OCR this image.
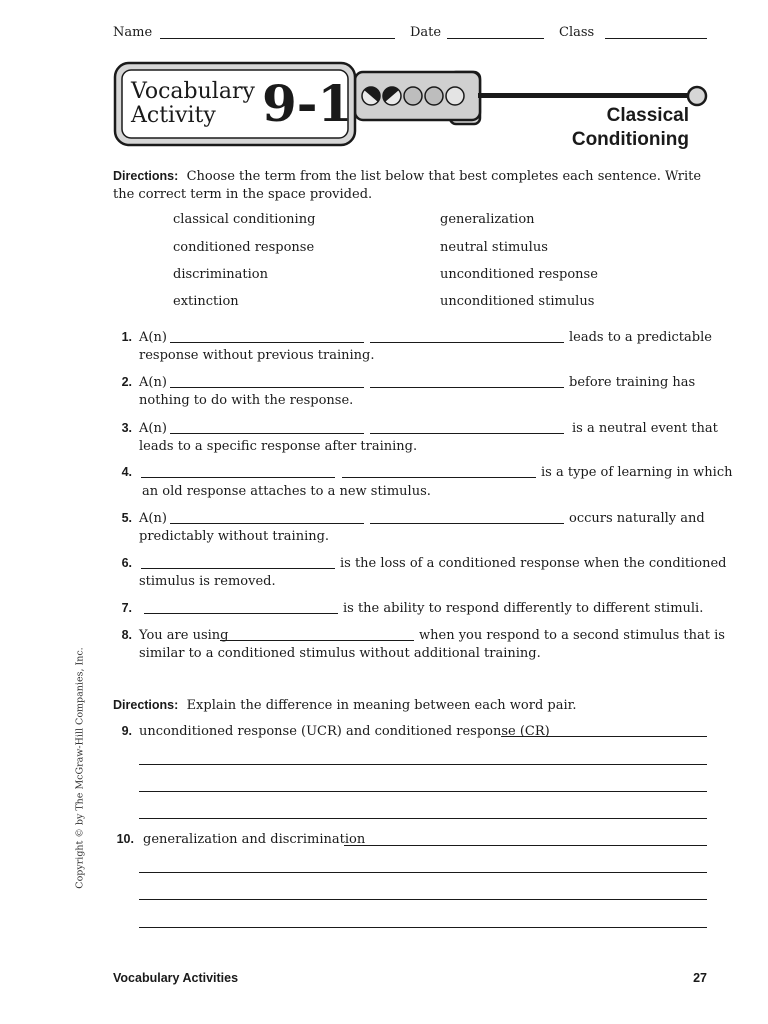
Name	Date	Class
Vocabulary
Activity 9-1	Classical
Conditioning
Directions: Choose the term from the list below that best completes each sentence. Write the correct term in the space provided.
classical conditioning	generalization
conditioned response	neutral stimulus
discrimination	unconditioned response
extinction	unconditioned stimulus
1. A(n)	leads to a predictable
response without previous training.
2. A(n)	before training has
nothing to do with the response.
3. A(n)	is a neutral event that
leads to a specific response after training.
4.	is a type of learning in which
an old response attaches to a new stimulus.
5. A(n)	occurs naturally and
predictably without training.
6.	is the loss of a conditioned response when the conditioned
stimulus is removed.
7.	is the ability to respond differently to different stimuli.
8. You are using	when you respond to a second stimulus that is
similar to a conditioned stimulus without additional training.
Directions: Explain the difference in meaning between each word pair.
9. unconditioned response (UCR) and conditioned response (CR)
10. generalization and discrimination
Copyright © by The McGraw-Hill Companies, Inc.
Vocabulary Activities	27
